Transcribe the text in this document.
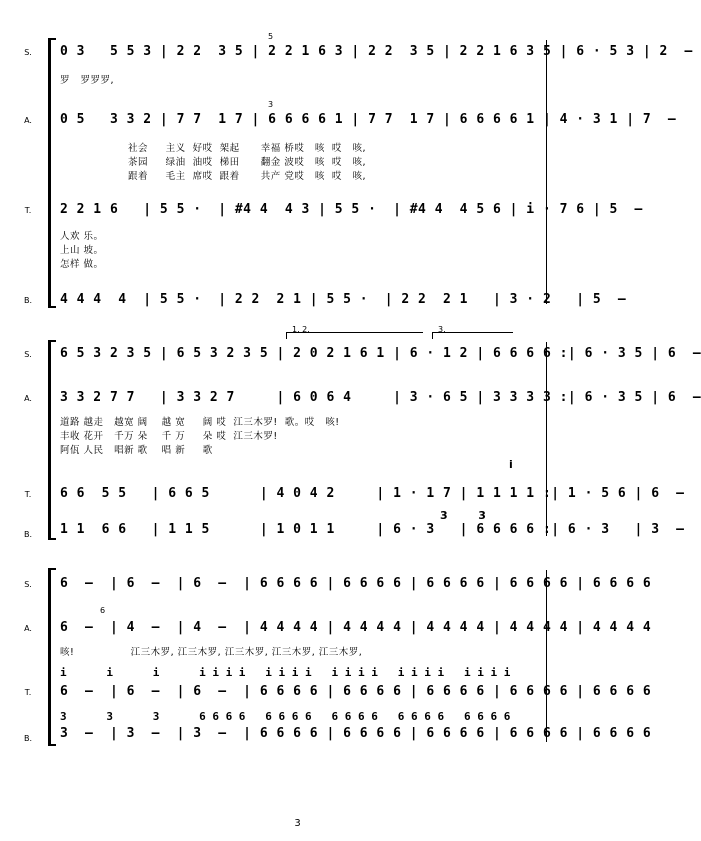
S.	0 3   5 5 3 | 2 2  3 5 | 2 2 1 6 3 | 2 2  3 5 | 2 2 1 6 3 5 | 6 · 5 3 | 2  —
罗   罗罗罗,
5
A.	0 5   3 3 2 | 7 7  1 7 | 6 6 6 6 1 | 7 7  1 7 | 6 6 6 6 1 | 4 · 3 1 | 7  —
3
社会     主义  好哎  架起      幸福 桥哎   咳  哎   咳,
茶园     绿油  油哎  梯田      翻金 波哎   咳  哎   咳,
跟着     毛主  席哎  跟着      共产 党哎   咳  哎   咳,
T.	2 2 1 6   | 5 5 ·  | #4 4  4 3 | 5 5 ·  | #4 4  4 5 6 | i · 7 6 | 5  —
人欢 乐。
上山 坡。
怎样 做。
B.	4 4 4  4  | 5 5 ·  | 2 2  2 1 | 5 5 ·  | 2 2  2 1   | 3 · 2   | 5  —
1. 2.	3.
S.	6 5 3 2 3 5 | 6 5 3 2 3 5 | 2 0 2 1 6 1 | 6 · 1 2 | 6 6 6 6 :| 6 · 3 5 | 6  —
A.	3 3 2 7 7   | 3 3 2 7     | 6 0 6 4     | 3 · 6 5 | 3 3 3 3 :| 6 · 3 5 | 6  —
道路 越走   越宽 阔    越 宽     阔 哎  江三木罗!  歌。哎   咳!
丰收 花开   千万 朵    千 万     朵 哎  江三木罗!
阿佤 人民   唱新 歌    唱 新     歌
i
T.	6 6  5 5   | 6 6 5      | 4 0 4 2     | 1 · 1 7 | 1 1 1 1 :| 1 · 5 6 | 6  —
3        3
B.	1 1  6 6   | 1 1 5      | 1 0 1 1     | 6 · 3   | 6 6 6 6 :| 6 · 3   | 3  —
S.	6  —  | 6  —  | 6  —  | 6 6 6 6 | 6 6 6 6 | 6 6 6 6 | 6 6 6 6 | 6 6 6 6
A.
6
6  —  | 4  —  | 4  —  | 4 4 4 4 | 4 4 4 4 | 4 4 4 4 | 4 4 4 4 | 4 4 4 4
咳!                江三木罗, 江三木罗, 江三木罗, 江三木罗, 江三木罗,
i      i      i      i i i i   i i i i   i i i i   i i i i   i i i i
T.	6  —  | 6  —  | 6  —  | 6 6 6 6 | 6 6 6 6 | 6 6 6 6 | 6 6 6 6 | 6 6 6 6
3      3      3      6 6 6 6   6 6 6 6   6 6 6 6   6 6 6 6   6 6 6 6
B.	3  —  | 3  —  | 3  —  | 6 6 6 6 | 6 6 6 6 | 6 6 6 6 | 6 6 6 6 | 6 6 6 6
3
